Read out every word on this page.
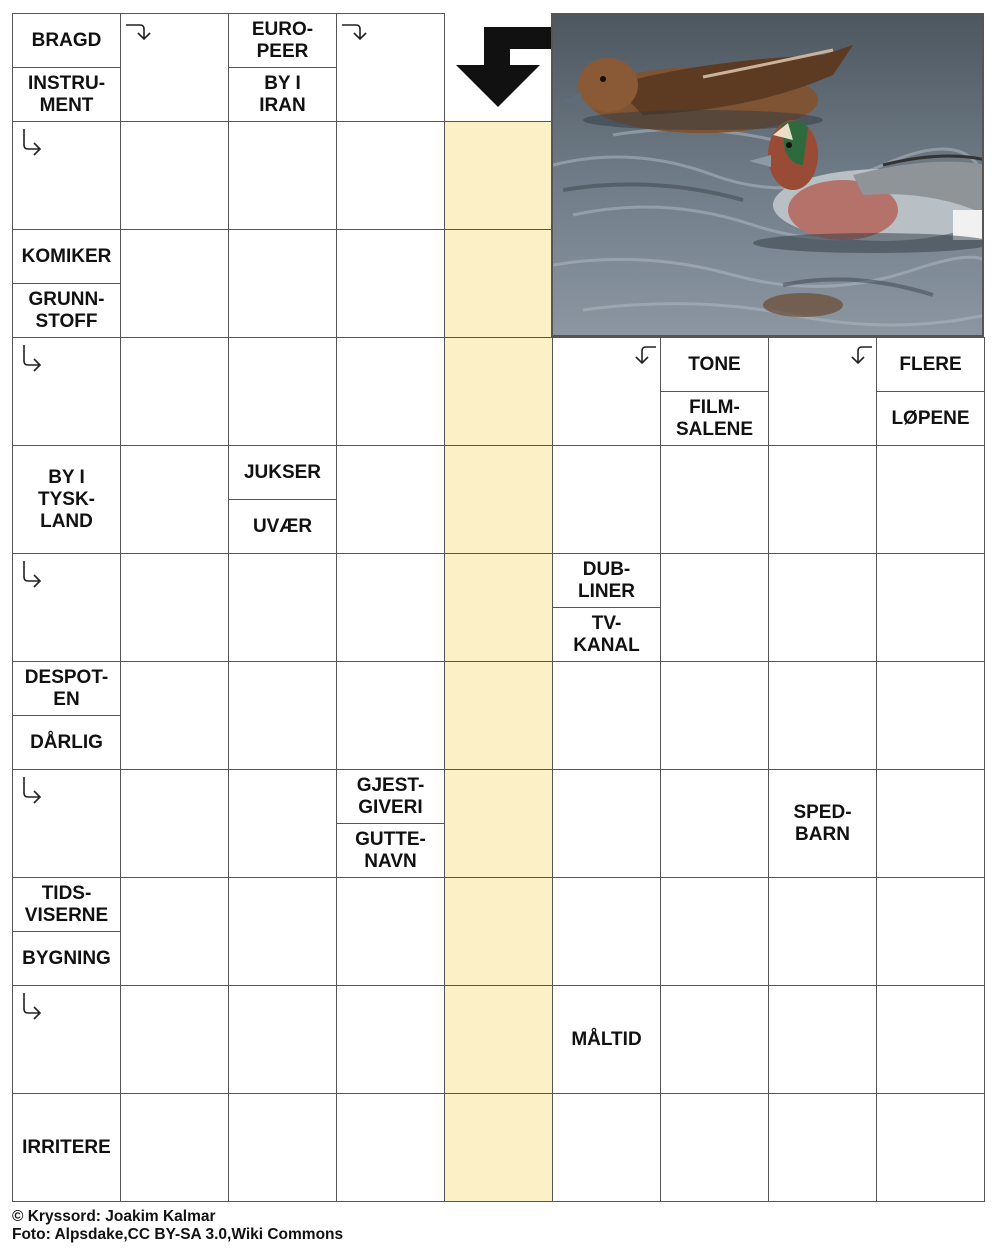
BRAGD
INSTRU-
MENT
EURO-
PEER
BY I
IRAN
KOMIKER
GRUNN-
STOFF
TONE
FILM-
SALENE
FLERE
LØPENE
BY I
TYSK-
LAND
JUKSER
UVÆR
DUB-
LINER
TV-
KANAL
DESPOT-
EN
DÅRLIG
GJEST-
GIVERI
GUTTE-
NAVN
SPED-
BARN
TIDS-
VISERNE
BYGNING
MÅLTID
IRRITERE
© Kryssord: Joakim Kalmar
Foto: Alpsdake,CC BY-SA 3.0,Wiki Commons
